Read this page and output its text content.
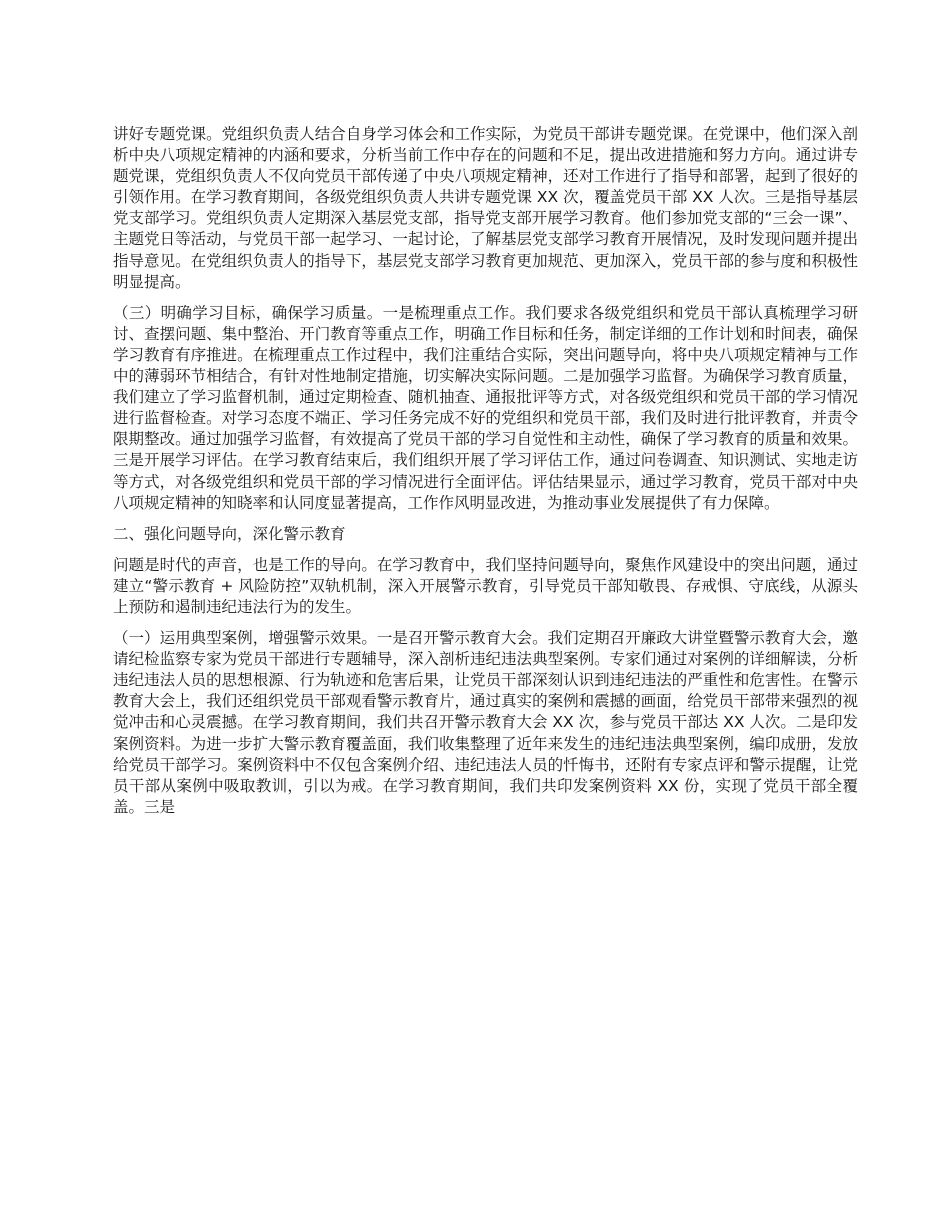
讲好专题党课。党组织负责人结合自身学习体会和工作实际，为党员干部讲专题党课。在党课中，他们深入剖析中央八项规定精神的内涵和要求，分析当前工作中存在的问题和不足，提出改进措施和努力方向。通过讲专题党课，党组织负责人不仅向党员干部传递了中央八项规定精神，还对工作进行了指导和部署，起到了很好的引领作用。在学习教育期间，各级党组织负责人共讲专题党课 XX 次，覆盖党员干部 XX 人次。三是指导基层党支部学习。党组织负责人定期深入基层党支部，指导党支部开展学习教育。他们参加党支部的“三会一课”、主题党日等活动，与党员干部一起学习、一起讨论，了解基层党支部学习教育开展情况，及时发现问题并提出指导意见。在党组织负责人的指导下，基层党支部学习教育更加规范、更加深入，党员干部的参与度和积极性明显提高。

（三）明确学习目标，确保学习质量。一是梳理重点工作。我们要求各级党组织和党员干部认真梳理学习研讨、查摆问题、集中整治、开门教育等重点工作，明确工作目标和任务，制定详细的工作计划和时间表，确保学习教育有序推进。在梳理重点工作过程中，我们注重结合实际，突出问题导向，将中央八项规定精神与工作中的薄弱环节相结合，有针对性地制定措施，切实解决实际问题。二是加强学习监督。为确保学习教育质量，我们建立了学习监督机制，通过定期检查、随机抽查、通报批评等方式，对各级党组织和党员干部的学习情况进行监督检查。对学习态度不端正、学习任务完成不好的党组织和党员干部，我们及时进行批评教育，并责令限期整改。通过加强学习监督，有效提高了党员干部的学习自觉性和主动性，确保了学习教育的质量和效果。三是开展学习评估。在学习教育结束后，我们组织开展了学习评估工作，通过问卷调查、知识测试、实地走访等方式，对各级党组织和党员干部的学习情况进行全面评估。评估结果显示，通过学习教育，党员干部对中央八项规定精神的知晓率和认同度显著提高，工作作风明显改进，为推动事业发展提供了有力保障。

二、强化问题导向，深化警示教育

问题是时代的声音，也是工作的导向。在学习教育中，我们坚持问题导向，聚焦作风建设中的突出问题，通过建立“警示教育 + 风险防控”双轨机制，深入开展警示教育，引导党员干部知敬畏、存戒惧、守底线，从源头上预防和遏制违纪违法行为的发生。

（一）运用典型案例，增强警示效果。一是召开警示教育大会。我们定期召开廉政大讲堂暨警示教育大会，邀请纪检监察专家为党员干部进行专题辅导，深入剖析违纪违法典型案例。专家们通过对案例的详细解读，分析违纪违法人员的思想根源、行为轨迹和危害后果，让党员干部深刻认识到违纪违法的严重性和危害性。在警示教育大会上，我们还组织党员干部观看警示教育片，通过真实的案例和震撼的画面，给党员干部带来强烈的视觉冲击和心灵震撼。在学习教育期间，我们共召开警示教育大会 XX 次，参与党员干部达 XX 人次。二是印发案例资料。为进一步扩大警示教育覆盖面，我们收集整理了近年来发生的违纪违法典型案例，编印成册，发放给党员干部学习。案例资料中不仅包含案例介绍、违纪违法人员的忏悔书，还附有专家点评和警示提醒，让党员干部从案例中吸取教训，引以为戒。在学习教育期间，我们共印发案例资料 XX 份，实现了党员干部全覆盖。三是
